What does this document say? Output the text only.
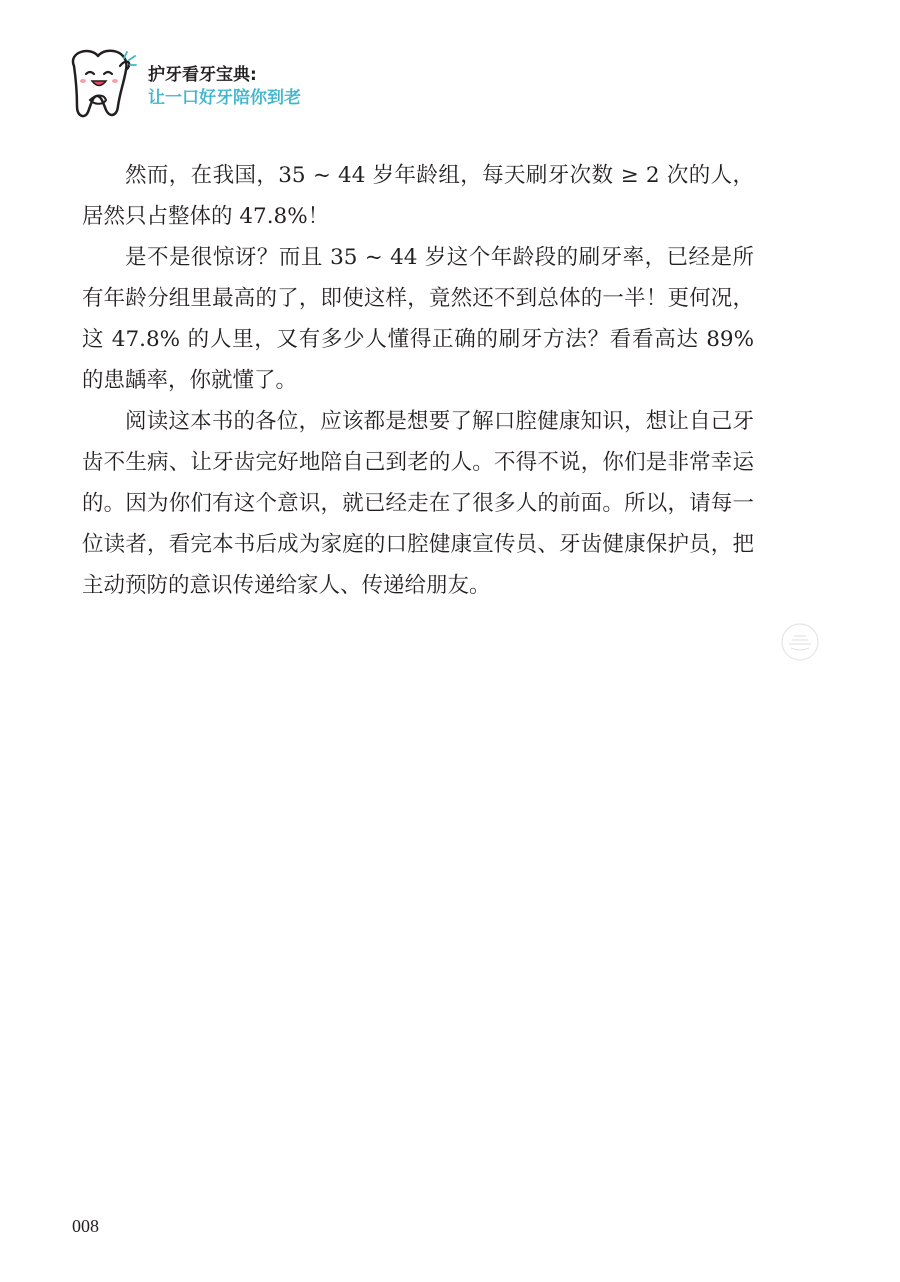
护牙看牙宝典:
让一口好牙陪你到老

然而，在我国，35 ~ 44 岁年龄组，每天刷牙次数 ≥ 2 次的人，居然只占整体的 47.8%！

是不是很惊讶？而且 35 ~ 44 岁这个年龄段的刷牙率，已经是所有年龄分组里最高的了，即使这样，竟然还不到总体的一半！更何况，这 47.8% 的人里，又有多少人懂得正确的刷牙方法？看看高达 89% 的患龋率，你就懂了。

阅读这本书的各位，应该都是想要了解口腔健康知识，想让自己牙齿不生病、让牙齿完好地陪自己到老的人。不得不说，你们是非常幸运的。因为你们有这个意识，就已经走在了很多人的前面。所以，请每一位读者，看完本书后成为家庭的口腔健康宣传员、牙齿健康保护员，把主动预防的意识传递给家人、传递给朋友。

008
